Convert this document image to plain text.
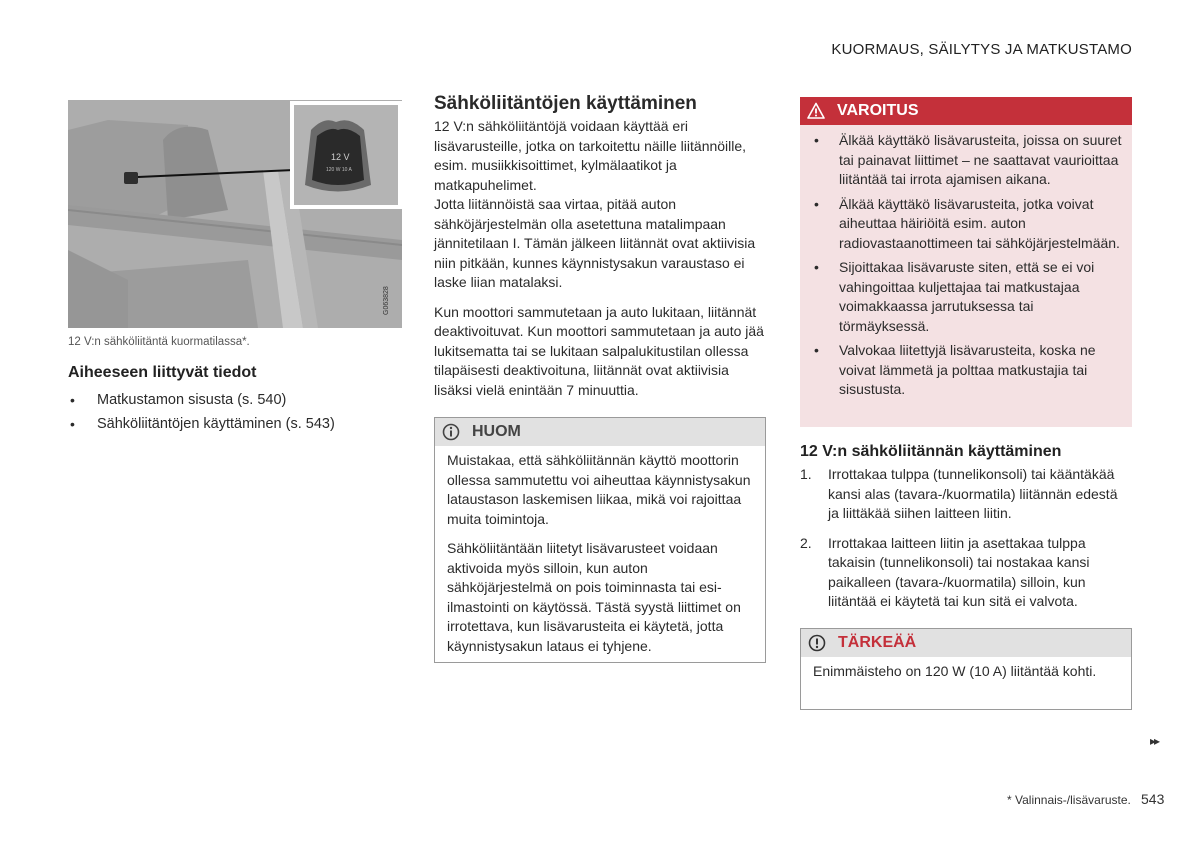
KUORMAUS, SÄILYTYS JA MATKUSTAMO
12 V
120 W 10 A
G063828
12 V:n sähköliitäntä kuormatilassa*.
Aiheeseen liittyvät tiedot
• Matkustamon sisusta (s. 540)
• Sähköliitäntöjen käyttäminen (s. 543)
Sähköliitäntöjen käyttäminen

12 V:n sähköliitäntöjä voidaan käyttää eri lisävarusteille, jotka on tarkoitettu näille liitännöille, esim. musiikkisoittimet, kylmälaatikot ja matkapuhelimet.

Jotta liitännöistä saa virtaa, pitää auton sähköjärjestelmän olla asetettuna matalimpaan jännitetilaan I. Tämän jälkeen liitännät ovat aktiivisia niin pitkään, kunnes käynnistysakun varaustaso ei laske liian matalaksi.

Kun moottori sammutetaan ja auto lukitaan, liitännät deaktivoituvat. Kun moottori sammutetaan ja auto jää lukitsematta tai se lukitaan salpalukitustilan ollessa tilapäisesti deaktivoituna, liitännät ovat aktiivisia lisäksi vielä enintään 7 minuuttia.

HUOM

Muistakaa, että sähköliitännän käyttö moottorin ollessa sammutettu voi aiheuttaa käynnistysakun lataustason laskemisen liikaa, mikä voi rajoittaa muita toimintoja.

Sähköliitäntään liitetyt lisävarusteet voidaan aktivoida myös silloin, kun auton sähköjärjestelmä on pois toiminnasta tai esi-ilmastointi on käytössä. Tästä syystä liittimet on irrotettava, kun lisävarusteita ei käytetä, jotta käynnistysakun lataus ei tyhjene.

VAROITUS
• Älkää käyttäkö lisävarusteita, joissa on suuret tai painavat liittimet – ne saattavat vaurioittaa liitäntää tai irrota ajamisen aikana.
• Älkää käyttäkö lisävarusteita, jotka voivat aiheuttaa häiriöitä esim. auton radiovastaanottimeen tai sähköjärjestelmään.
• Sijoittakaa lisävaruste siten, että se ei voi vahingoittaa kuljettajaa tai matkustajaa voimakkaassa jarrutuksessa tai törmäyksessä.
• Valvokaa liitettyjä lisävarusteita, koska ne voivat lämmetä ja polttaa matkustajia tai sisustusta.
12 V:n sähköliitännän käyttäminen
1. Irrottakaa tulppa (tunnelikonsoli) tai kääntäkää kansi alas (tavara-/kuormatila) liitännän edestä ja liittäkää siihen laitteen liitin.
2. Irrottakaa laitteen liitin ja asettakaa tulppa takaisin (tunnelikonsoli) tai nostakaa kansi paikalleen (tavara-/kuormatila) silloin, kun liitäntää ei käytetä tai kun sitä ei valvota.
TÄRKEÄÄ

Enimmäisteho on 120 W (10 A) liitäntää kohti.

▸▸
* Valinnais-/lisävaruste. 543
